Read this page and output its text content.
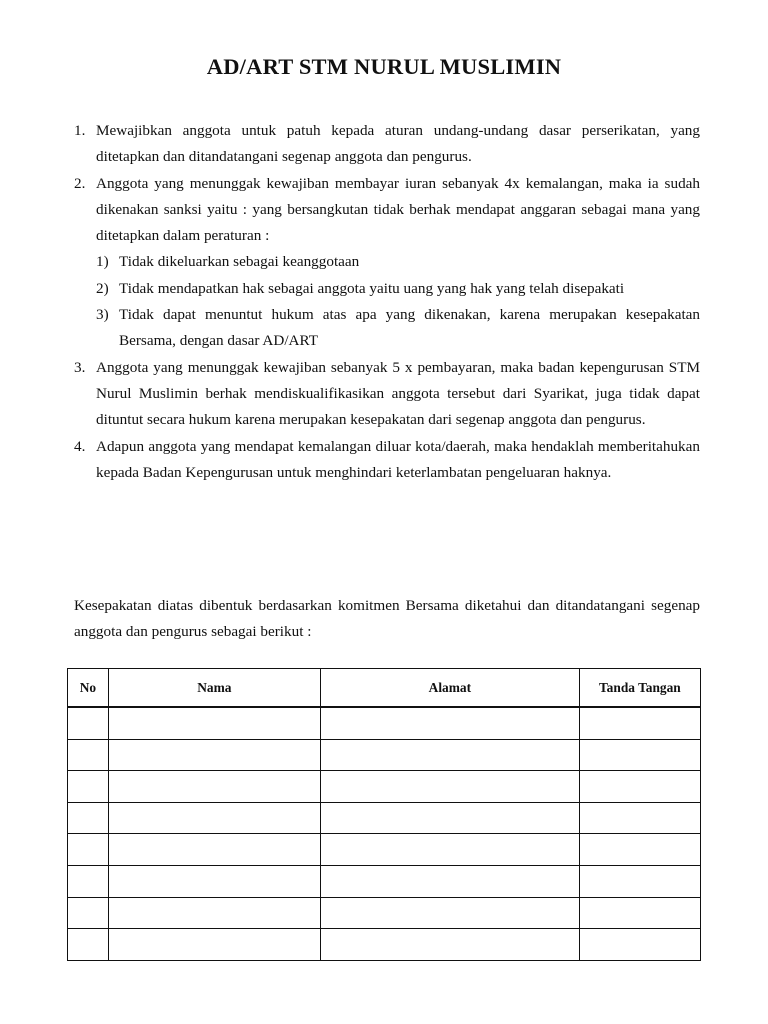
AD/ART STM NURUL MUSLIMIN
1. Mewajibkan anggota untuk patuh kepada aturan undang-undang dasar perserikatan, yang ditetapkan dan ditandatangani segenap anggota dan pengurus.

2. Anggota yang menunggak kewajiban membayar iuran sebanyak 4x kemalangan, maka ia sudah dikenakan sanksi yaitu : yang bersangkutan tidak berhak mendapat anggaran sebagai mana yang ditetapkan dalam peraturan :

1) Tidak dikeluarkan sebagai keanggotaan
2) Tidak mendapatkan hak sebagai anggota yaitu uang yang hak yang telah disepakati
3) Tidak dapat menuntut hukum atas apa yang dikenakan, karena merupakan kesepakatan Bersama, dengan dasar AD/ART
3. Anggota yang menunggak kewajiban sebanyak 5 x pembayaran, maka badan kepengurusan STM Nurul Muslimin berhak mendiskualifikasikan anggota tersebut dari Syarikat, juga tidak dapat dituntut secara hukum karena merupakan kesepakatan dari segenap anggota dan pengurus.

4. Adapun anggota yang mendapat kemalangan diluar kota/daerah, maka hendaklah memberitahukan kepada Badan Kepengurusan untuk menghindari keterlambatan pengeluaran haknya.

Kesepakatan diatas dibentuk berdasarkan komitmen Bersama diketahui dan ditandatangani segenap anggota dan pengurus sebagai berikut :

No	Nama	Alamat	Tanda Tangan
